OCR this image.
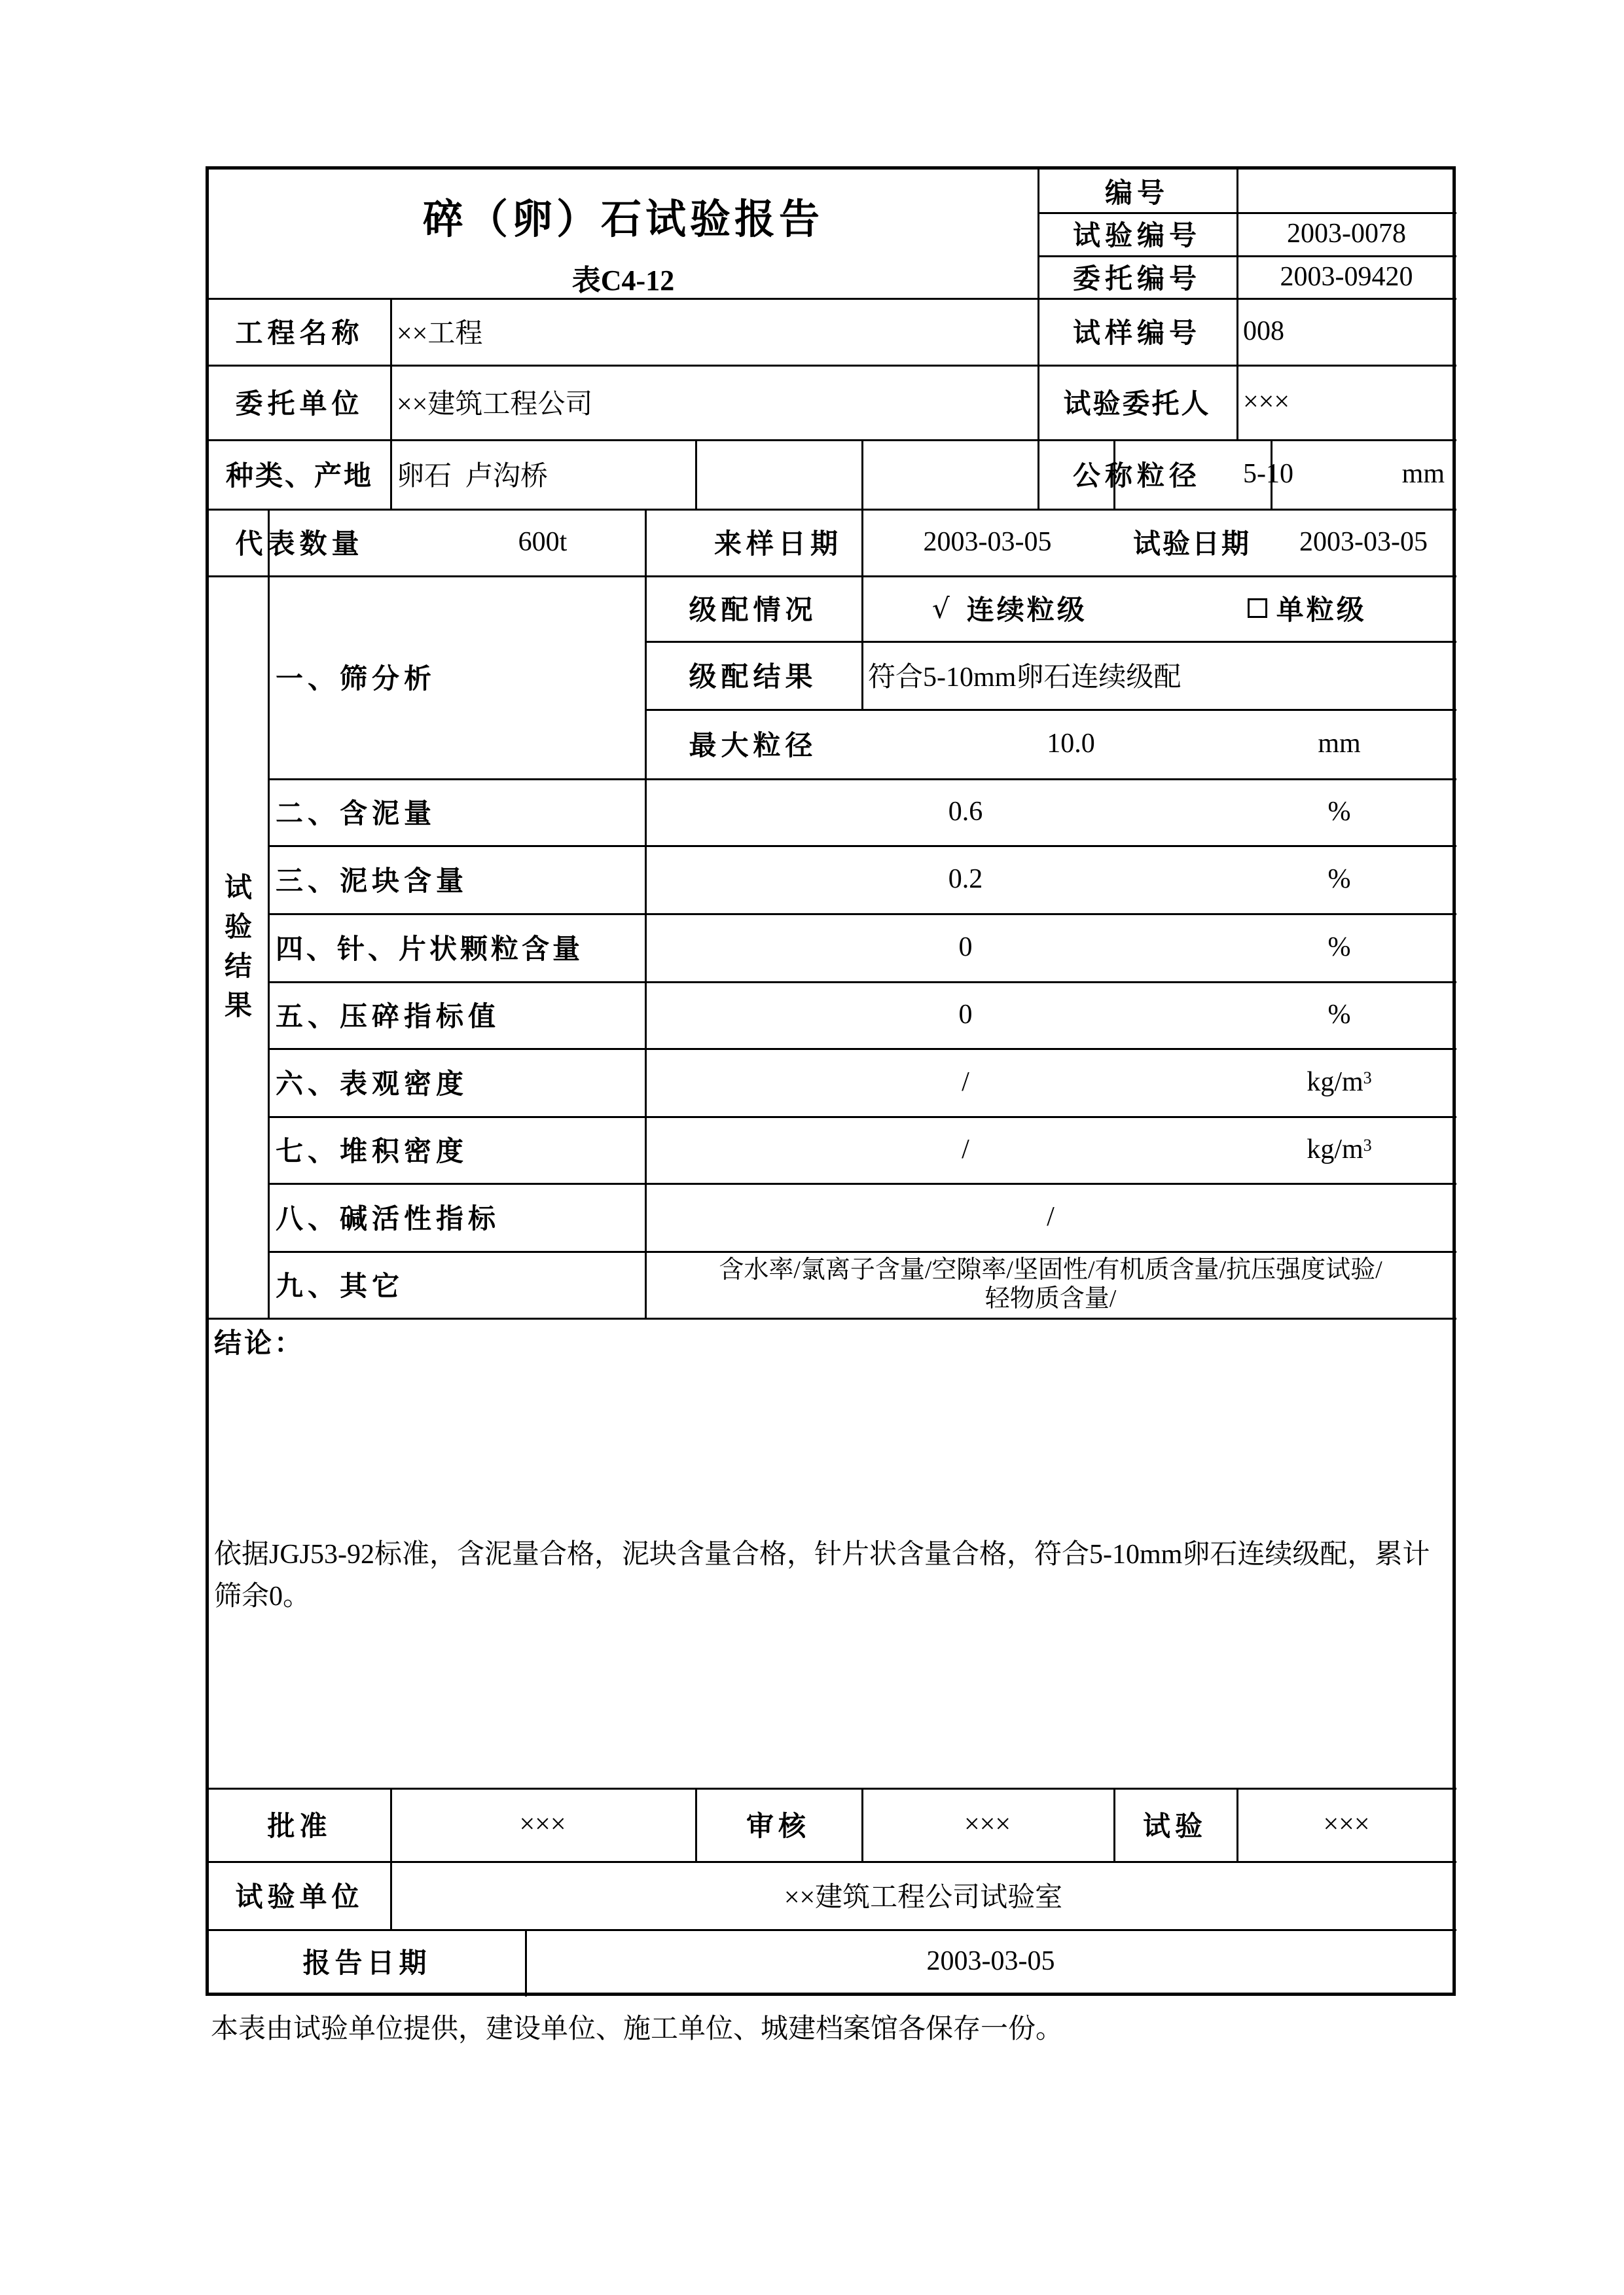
碎（卵）石试验报告
表C4-12
编号
试验编号	2003-0078
委托编号	2003-09420
工程名称	××工程	试样编号	008
委托单位	××建筑工程公司	试验委托人	×××
种类、产地 卵石  卢沟桥	公称粒径	5-10	mm
代表数量	600t	来样日期	2003-03-05	试验日期	2003-03-05
试验结果
一、筛分析
级配情况	√ 连续粒级	单粒级
级配结果	符合5-10mm卵石连续级配
最大粒径	10.0	mm
二、含泥量	0.6	%
三、泥块含量	0.2	%
四、针、片状颗粒含量	0	%
五、压碎指标值	0	%
六、表观密度	/	kg/m 3
七、堆积密度	/	kg/m 3
八、碱活性指标	/
九、其它	含水率/氯离子含量/空隙率/坚固性/有机质含量/抗压强度试验/
轻物质含量/
结论：
依据JGJ53-92标准，含泥量合格，泥块含量合格，针片状含量合格，符合5-10mm卵石连续级配，累计筛余0。
批准	×××	审核	×××	试验	×××
试验单位	××建筑工程公司试验室
报告日期	2003-03-05
本表由试验单位提供，建设单位、施工单位、城建档案馆各保存一份。
